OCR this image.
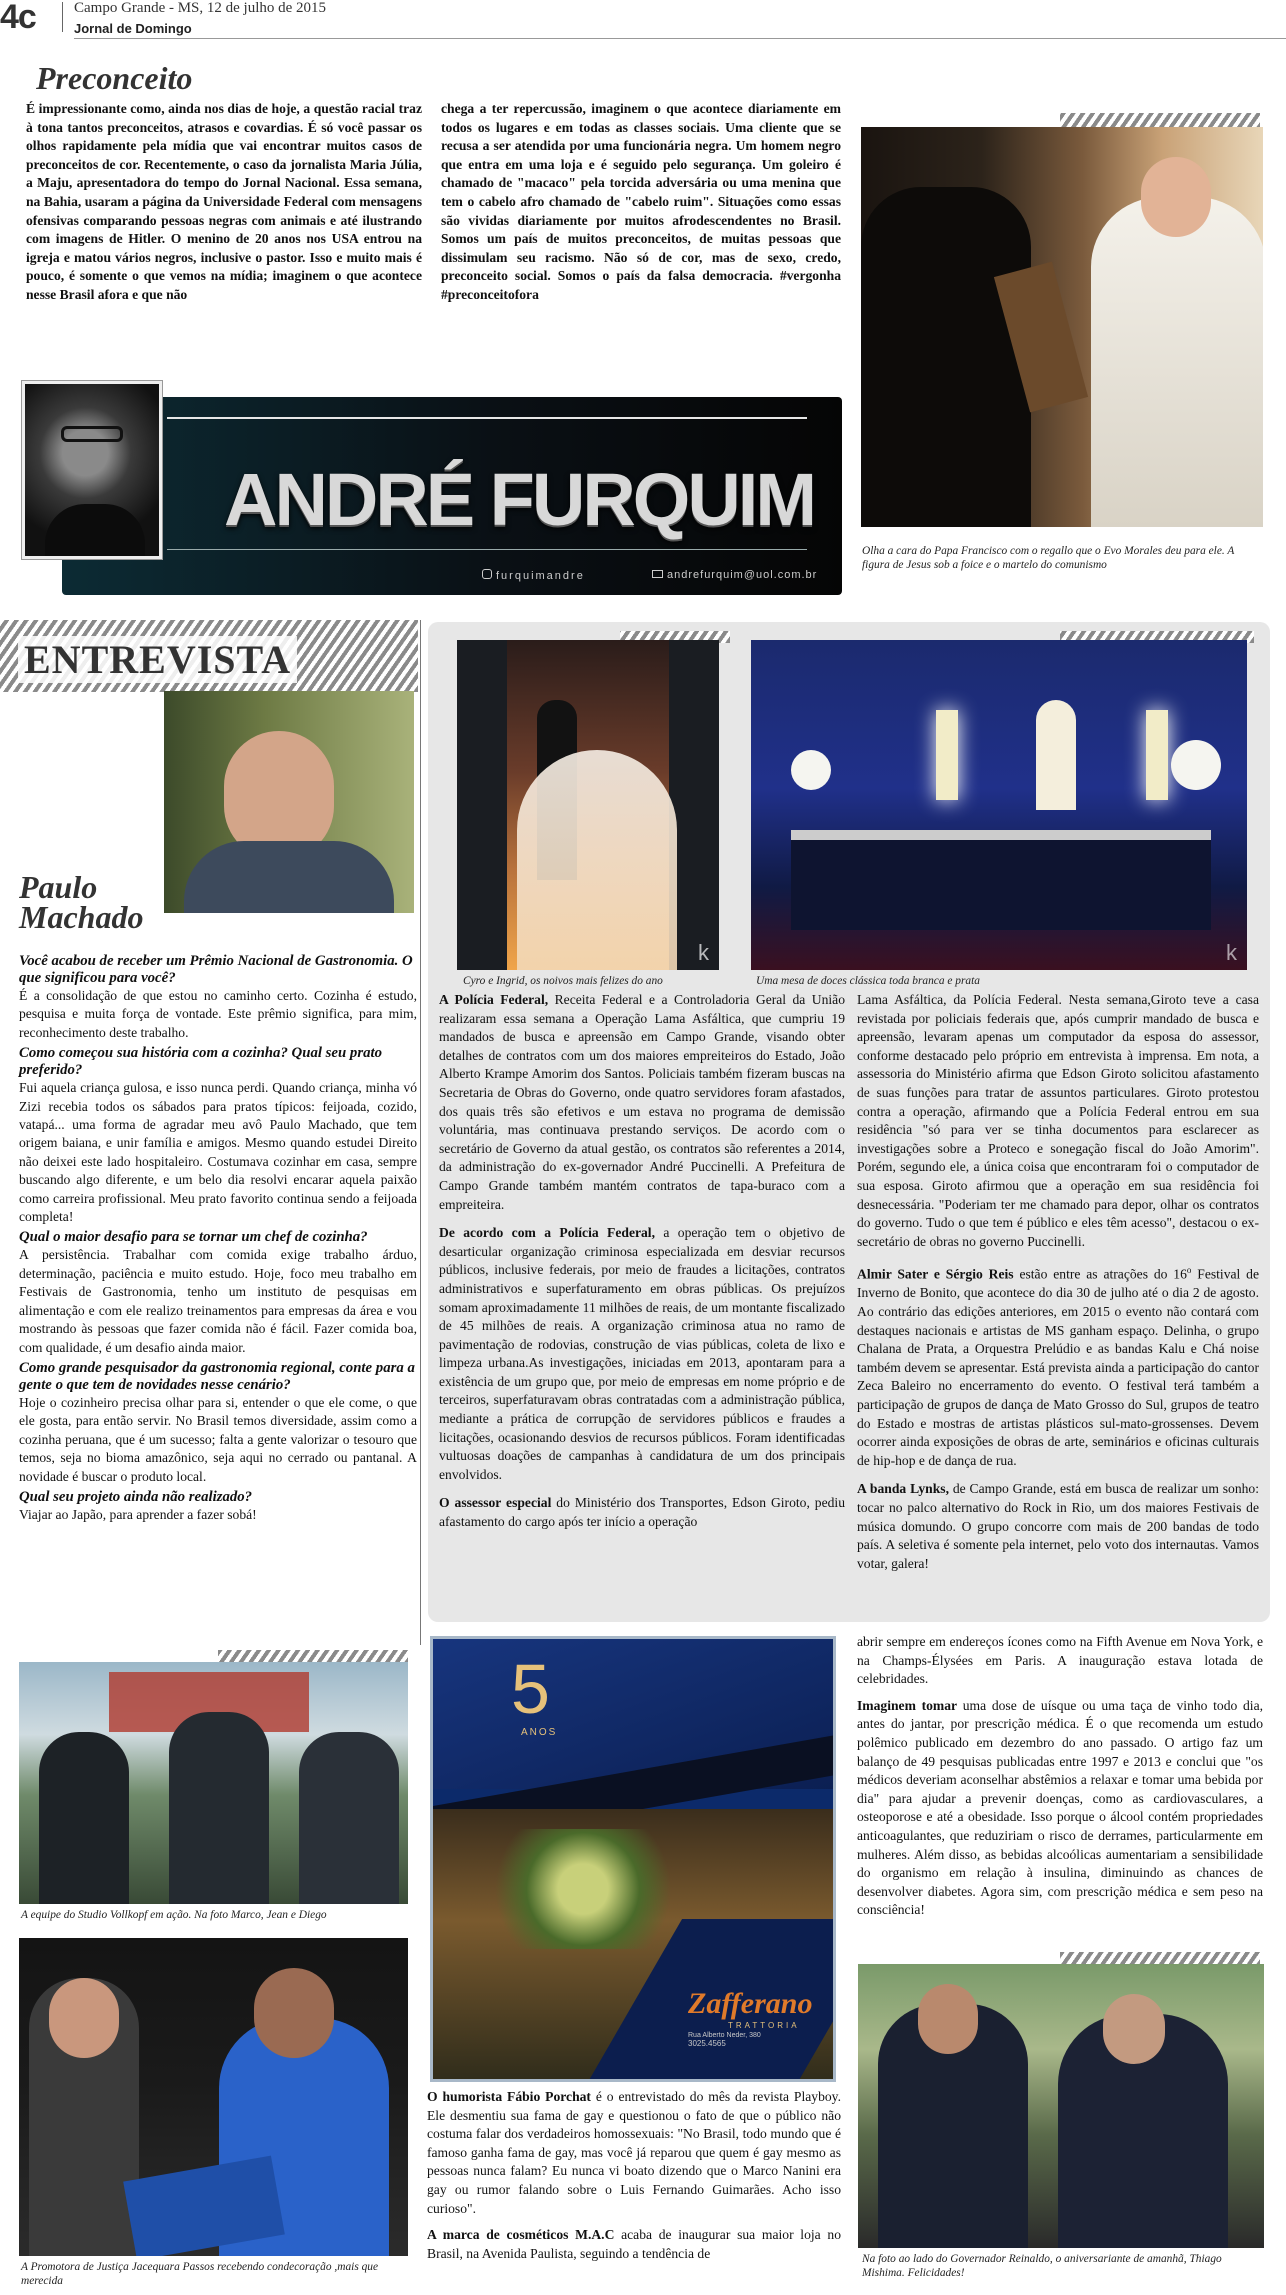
4c	Campo Grande - MS, 12 de julho de 2015
Jornal de Domingo
Preconceito
É impressionante como, ainda nos dias de hoje, a questão racial traz à tona tantos preconceitos, atrasos e covardias. É só você passar os olhos rapidamente pela mídia que vai encontrar muitos casos de preconceitos de cor. Recentemente, o caso da jornalista Maria Júlia, a Maju, apresentadora do tempo do Jornal Nacional. Essa semana, na Bahia, usaram a página da Universidade Federal com mensagens ofensivas comparando pessoas negras com animais e até ilustrando com imagens de Hitler. O menino de 20 anos nos USA entrou na igreja e matou vários negros, inclusive o pastor. Isso e muito mais é pouco, é somente o que vemos na mídia; imaginem o que acontece nesse Brasil afora e que não
chega a ter repercussão, imaginem o que acontece diariamente em todos os lugares e em todas as classes sociais. Uma cliente que se recusa a ser atendida por uma funcionária negra. Um homem negro que entra em uma loja e é seguido pelo segurança. Um goleiro é chamado de "macaco" pela torcida adversária ou uma menina que tem o cabelo afro chamado de "cabelo ruim". Situações como essas são vividas diariamente por muitos afrodescendentes no Brasil. Somos um país de muitos preconceitos, de muitas pessoas que dissimulam seu racismo. Não só de cor, mas de sexo, credo, preconceito social. Somos o país da falsa democracia. #vergonha #preconceitofora
ANDRÉ FURQUIM
furquimandre	andrefurquim@uol.com.br
Olha a cara do Papa Francisco com o regallo que o Evo Morales deu para ele. A figura de Jesus sob a foice e o martelo do comunismo
ENTREVISTA
Paulo
Machado
Você acabou de receber um Prêmio Nacional de Gastronomia. O que significou para você?
É a consolidação de que estou no caminho certo. Cozinha é estudo, pesquisa e muita força de vontade. Este prêmio significa, para mim, reconhecimento deste trabalho.
Como começou sua história com a cozinha? Qual seu prato preferido?
Fui aquela criança gulosa, e isso nunca perdi. Quando criança, minha vó Zizi recebia todos os sábados para pratos típicos: feijoada, cozido, vatapá... uma forma de agradar meu avô Paulo Machado, que tem origem baiana, e unir família e amigos. Mesmo quando estudei Direito não deixei este lado hospitaleiro. Costumava cozinhar em casa, sempre buscando algo diferente, e um belo dia resolvi encarar aquela paixão como carreira profissional. Meu prato favorito continua sendo a feijoada completa!
Qual o maior desafio para se tornar um chef de cozinha?
A persistência. Trabalhar com comida exige trabalho árduo, determinação, paciência e muito estudo. Hoje, foco meu trabalho em Festivais de Gastronomia, tenho um instituto de pesquisas em alimentação e com ele realizo treinamentos para empresas da área e vou mostrando às pessoas que fazer comida não é fácil. Fazer comida boa, com qualidade, é um desafio ainda maior.
Como grande pesquisador da gastronomia regional, conte para a gente o que tem de novidades nesse cenário?
Hoje o cozinheiro precisa olhar para si, entender o que ele come, o que ele gosta, para então servir. No Brasil temos diversidade, assim como a cozinha peruana, que é um sucesso; falta a gente valorizar o tesouro que temos, seja no bioma amazônico, seja aqui no cerrado ou pantanal. A novidade é buscar o produto local.
Qual seu projeto ainda não realizado?
Viajar ao Japão, para aprender a fazer sobá!
A equipe do Studio Vollkopf em ação. Na foto Marco, Jean e Diego
A Promotora de Justiça Jacequara Passos recebendo condecoração ,mais que merecida
k	k
Cyro e Ingrid, os noivos mais felizes do ano	Uma mesa de doces clássica toda branca e prata

A Polícia Federal, Receita Federal e a Controladoria Geral da União realizaram essa semana a Operação Lama Asfáltica, que cumpriu 19 mandados de busca e apreensão em Campo Grande, visando obter detalhes de contratos com um dos maiores empreiteiros do Estado, João Alberto Krampe Amorim dos Santos. Policiais também fizeram buscas na Secretaria de Obras do Governo, onde quatro servidores foram afastados, dos quais três são efetivos e um estava no programa de demissão voluntária, mas continuava prestando serviços. De acordo com o secretário de Governo da atual gestão, os contratos são referentes a 2014, da administração do ex-governador André Puccinelli. A Prefeitura de Campo Grande também mantém contratos de tapa-buraco com a empreiteira.

De acordo com a Polícia Federal, a operação tem o objetivo de desarticular organização criminosa especializada em desviar recursos públicos, inclusive federais, por meio de fraudes a licitações, contratos administrativos e superfaturamento em obras públicas. Os prejuízos somam aproximadamente 11 milhões de reais, de um montante fiscalizado de 45 milhões de reais. A organização criminosa atua no ramo de pavimentação de rodovias, construção de vias públicas, coleta de lixo e limpeza urbana.As investigações, iniciadas em 2013, apontaram para a existência de um grupo que, por meio de empresas em nome próprio e de terceiros, superfaturavam obras contratadas com a administração pública, mediante a prática de corrupção de servidores públicos e fraudes a licitações, ocasionando desvios de recursos públicos. Foram identificadas vultuosas doações de campanhas à candidatura de um dos principais envolvidos.

O assessor especial do Ministério dos Transportes, Edson Giroto, pediu afastamento do cargo após ter início a operação

Lama Asfáltica, da Polícia Federal. Nesta semana,Giroto teve a casa revistada por policiais federais que, após cumprir mandado de busca e apreensão, levaram apenas um computador da esposa do assessor, conforme destacado pelo próprio em entrevista à imprensa. Em nota, a assessoria do Ministério afirma que Edson Giroto solicitou afastamento de suas funções para tratar de assuntos particulares. Giroto protestou contra a operação, afirmando que a Polícia Federal entrou em sua residência "só para ver se tinha documentos para esclarecer as investigações sobre a Proteco e sonegação fiscal do João Amorim". Porém, segundo ele, a única coisa que encontraram foi o computador de sua esposa. Giroto afirmou que a operação em sua residência foi desnecessária. "Poderiam ter me chamado para depor, olhar os contratos do governo. Tudo o que tem é público e eles têm acesso", destacou o ex-secretário de obras no governo Puccinelli.

Almir Sater e Sérgio Reis estão entre as atrações do 16$^o$ Festival de Inverno de Bonito, que acontece do dia 30 de julho até o dia 2 de agosto. Ao contrário das edições anteriores, em 2015 o evento não contará com destaques nacionais e artistas de MS ganham espaço. Delinha, o grupo Chalana de Prata, a Orquestra Prelúdio e as bandas Kalu e Chá noise também devem se apresentar. Está prevista ainda a participação do cantor Zeca Baleiro no encerramento do evento. O festival terá também a participação de grupos de dança de Mato Grosso do Sul, grupos de teatro do Estado e mostras de artistas plásticos sul-mato-grossenses. Devem ocorrer ainda exposições de obras de arte, seminários e oficinas culturais de hip-hop e de dança de rua.

A banda Lynks, de Campo Grande, está em busca de realizar um sonho: tocar no palco alternativo do Rock in Rio, um dos maiores Festivais de música domundo. O grupo concorre com mais de 200 bandas de todo país. A seletiva é somente pela internet, pelo voto dos internautas. Vamos votar, galera!

5
ANOS
Zafferano
TRATTORIA
Rua Alberto Neder, 380
3025.4565

O humorista Fábio Porchat é o entrevistado do mês da revista Playboy. Ele desmentiu sua fama de gay e questionou o fato de que o público não costuma falar dos verdadeiros homossexuais: "No Brasil, todo mundo que é famoso ganha fama de gay, mas você já reparou que quem é gay mesmo as pessoas nunca falam? Eu nunca vi boato dizendo que o Marco Nanini era gay ou rumor falando sobre o Luis Fernando Guimarães. Acho isso curioso".

A marca de cosméticos M.A.C acaba de inaugurar sua maior loja no Brasil, na Avenida Paulista, seguindo a tendência de

abrir sempre em endereços ícones como na Fifth Avenue em Nova York, e na Champs-Élysées em Paris. A inauguração estava lotada de celebridades.

Imaginem tomar uma dose de uísque ou uma taça de vinho todo dia, antes do jantar, por prescrição médica. É o que recomenda um estudo polêmico publicado em dezembro do ano passado. O artigo faz um balanço de 49 pesquisas publicadas entre 1997 e 2013 e conclui que "os médicos deveriam aconselhar abstêmios a relaxar e tomar uma bebida por dia" para ajudar a prevenir doenças, como as cardiovasculares, a osteoporose e até a obesidade. Isso porque o álcool contém propriedades anticoagulantes, que reduziriam o risco de derrames, particularmente em mulheres. Além disso, as bebidas alcoólicas aumentariam a sensibilidade do organismo em relação à insulina, diminuindo as chances de desenvolver diabetes. Agora sim, com prescrição médica e sem peso na consciência!

Na foto ao lado do Governador Reinaldo, o aniversariante de amanhã, Thiago Mishima. Felicidades!
